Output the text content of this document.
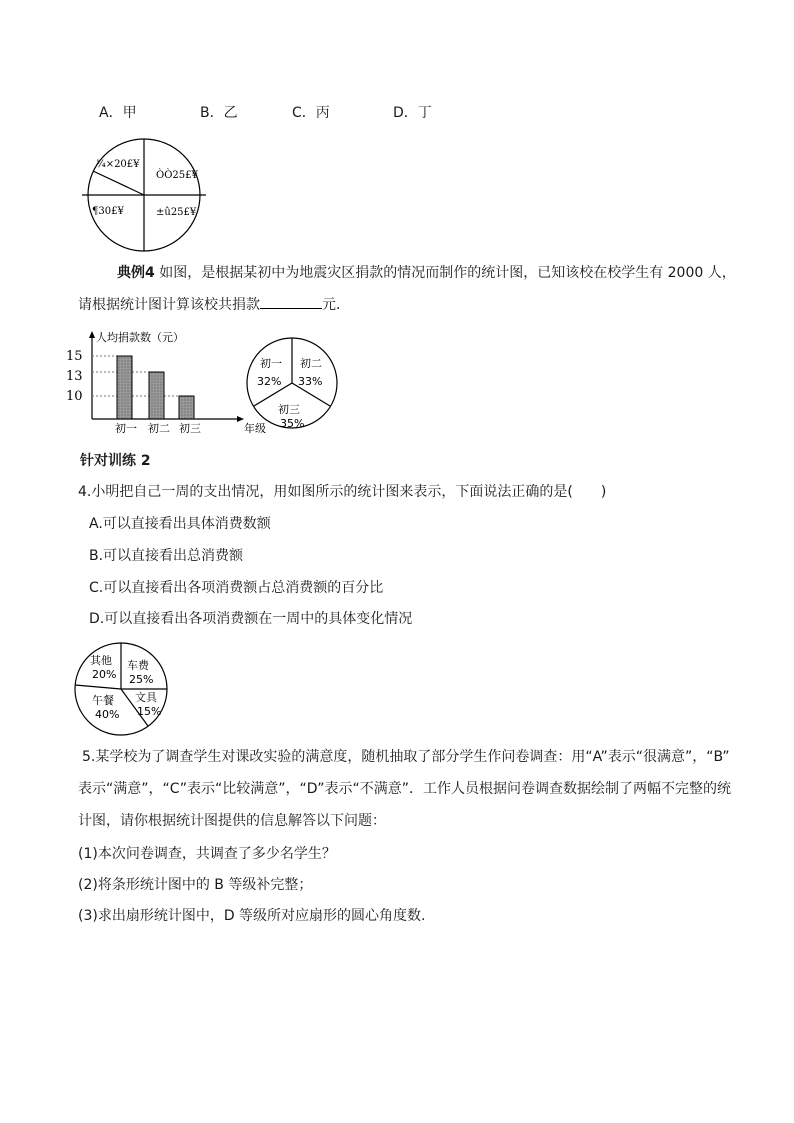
A．甲	B．乙	C．丙	D．丁
¼×20£¥
ÒÒ25£¥
¶30£¥	±û25£¥
典例4 如图，是根据某初中为地震灾区捐款的情况而制作的统计图，已知该校在校学生有 2000 人，
请根据统计图计算该校共捐款	元．
人均捐款数（元）
年级
15
13
10
初一 初二 初三
初一
32%
初二
33%
初三
35%
针对训练 2
4.小明把自己一周的支出情况，用如图所示的统计图来表示，下面说法正确的是(　　)
A.可以直接看出具体消费数额
B.可以直接看出总消费额
C.可以直接看出各项消费额占总消费额的百分比
D.可以直接看出各项消费额在一周中的具体变化情况
其他
20%
车费
25%
文具
15%
午餐
40%
5.某学校为了调查学生对课改实验的满意度，随机抽取了部分学生作问卷调查：用“A”表示“很满意”，“B”
表示“满意”，“C”表示“比较满意”，“D”表示“不满意”．工作人员根据问卷调查数据绘制了两幅不完整的统
计图，请你根据统计图提供的信息解答以下问题：
(1)本次问卷调查，共调查了多少名学生？
(2)将条形统计图中的 B 等级补完整；
(3)求出扇形统计图中，D 等级所对应扇形的圆心角度数.
